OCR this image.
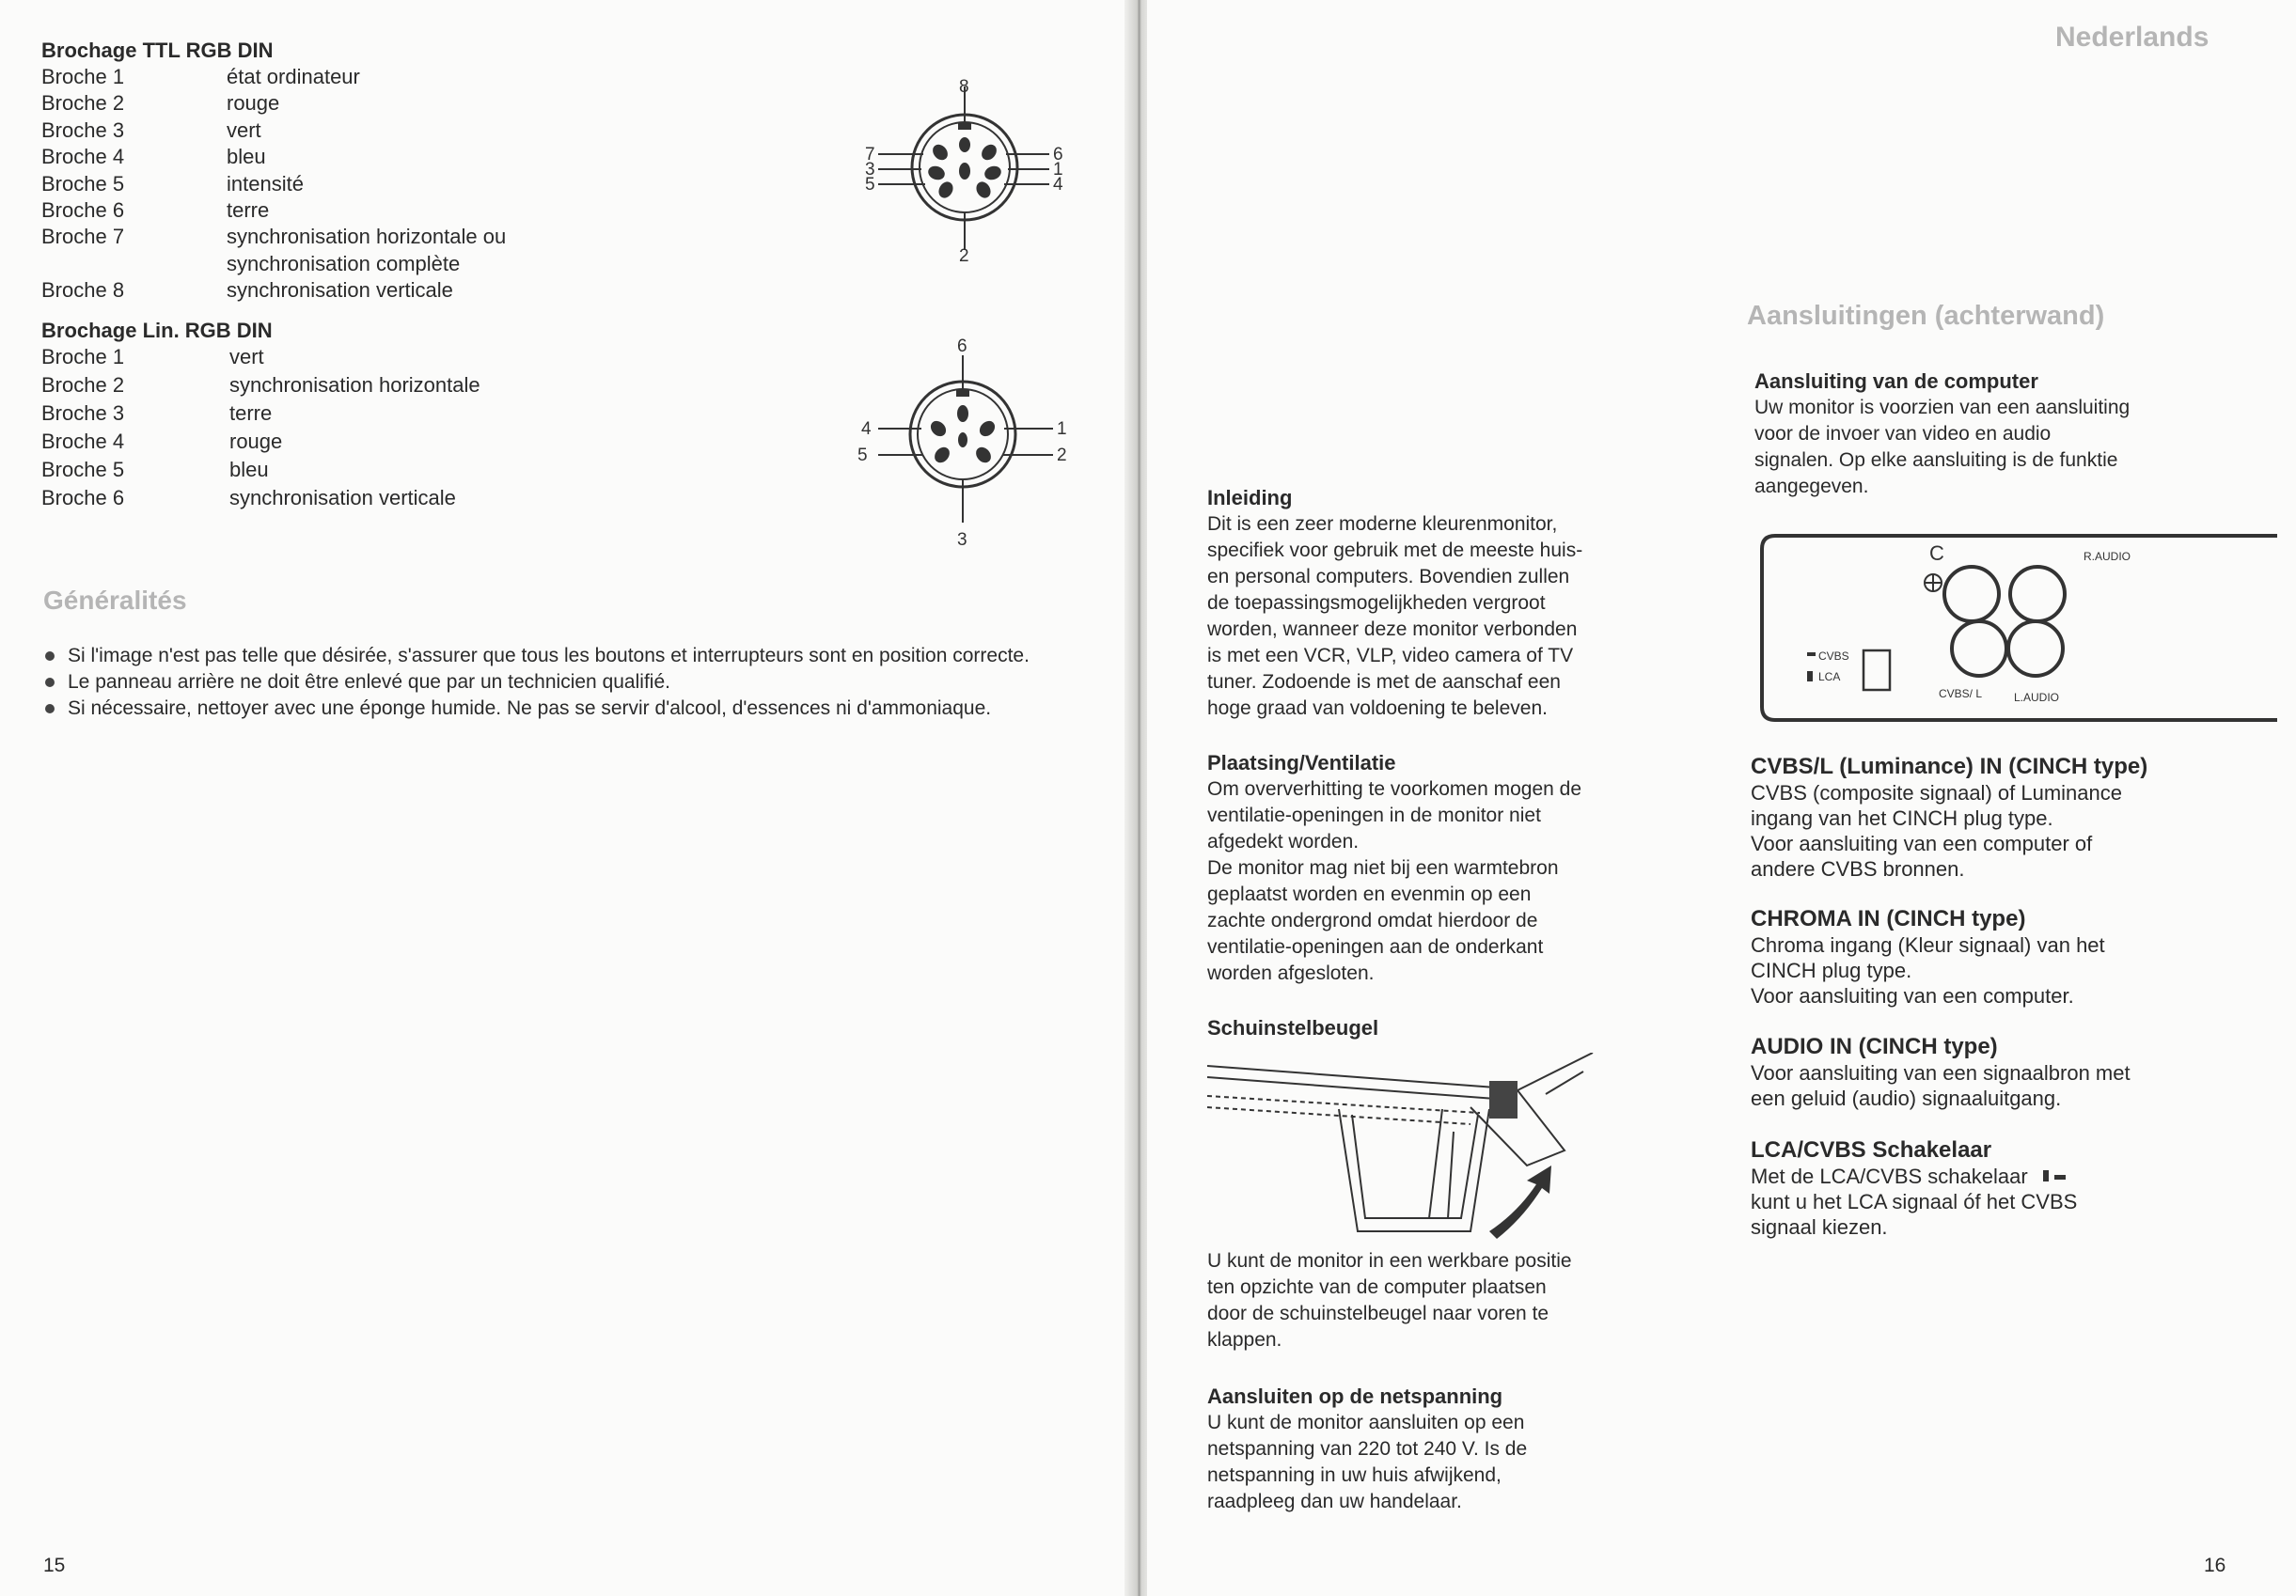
Brochage TTL RGB DIN
Broche 1	état ordinateur
Broche 2	rouge
Broche 3	vert
Broche 4	bleu
Broche 5	intensité
Broche 6	terre
Broche 7	synchronisation horizontale ou
synchronisation complète
Broche 8	synchronisation verticale
Brochage Lin. RGB DIN
Broche 1	vert
Broche 2	synchronisation horizontale
Broche 3	terre
Broche 4	rouge
Broche 5	bleu
Broche 6	synchronisation verticale
8
2
7
3
5
6
1
4
6
3
4
5
1
2
Généralités
Si l'image n'est pas telle que désirée, s'assurer que tous les boutons et interrupteurs sont en position correcte.
Le panneau arrière ne doit être enlevé que par un technicien qualifié.
Si nécessaire, nettoyer avec une éponge humide. Ne pas se servir d'alcool, d'essences ni d'ammoniaque.
15
Nederlands
Aansluitingen (achterwand)
Aansluiting van de computer
Uw monitor is voorzien van een aansluiting
voor de invoer van video en audio
signalen. Op elke aansluiting is de funktie
aangegeven.
C	R.AUDIO
CVBS
LCA
CVBS/ L	L.AUDIO
CVBS/L (Luminance) IN (CINCH type)
CVBS (composite signaal) of Luminance
ingang van het CINCH plug type.
Voor aansluiting van een computer of
andere CVBS bronnen.
CHROMA IN (CINCH type)
Chroma ingang (Kleur signaal) van het
CINCH plug type.
Voor aansluiting van een computer.
AUDIO IN (CINCH type)
Voor aansluiting van een signaalbron met
een geluid (audio) signaaluitgang.
LCA/CVBS Schakelaar
Met de LCA/CVBS schakelaar
kunt u het LCA signaal óf het CVBS
signaal kiezen.
Inleiding
Dit is een zeer moderne kleurenmonitor,
specifiek voor gebruik met de meeste huis-
en personal computers. Bovendien zullen
de toepassingsmogelijkheden vergroot
worden, wanneer deze monitor verbonden
is met een VCR, VLP, video camera of TV
tuner. Zodoende is met de aanschaf een
hoge graad van voldoening te beleven.
Plaatsing/Ventilatie
Om oververhitting te voorkomen mogen de
ventilatie-openingen in de monitor niet
afgedekt worden.
De monitor mag niet bij een warmtebron
geplaatst worden en evenmin op een
zachte ondergrond omdat hierdoor de
ventilatie-openingen aan de onderkant
worden afgesloten.
Schuinstelbeugel
U kunt de monitor in een werkbare positie
ten opzichte van de computer plaatsen
door de schuinstelbeugel naar voren te
klappen.
Aansluiten op de netspanning
U kunt de monitor aansluiten op een
netspanning van 220 tot 240 V. Is de
netspanning in uw huis afwijkend,
raadpleeg dan uw handelaar.
16
